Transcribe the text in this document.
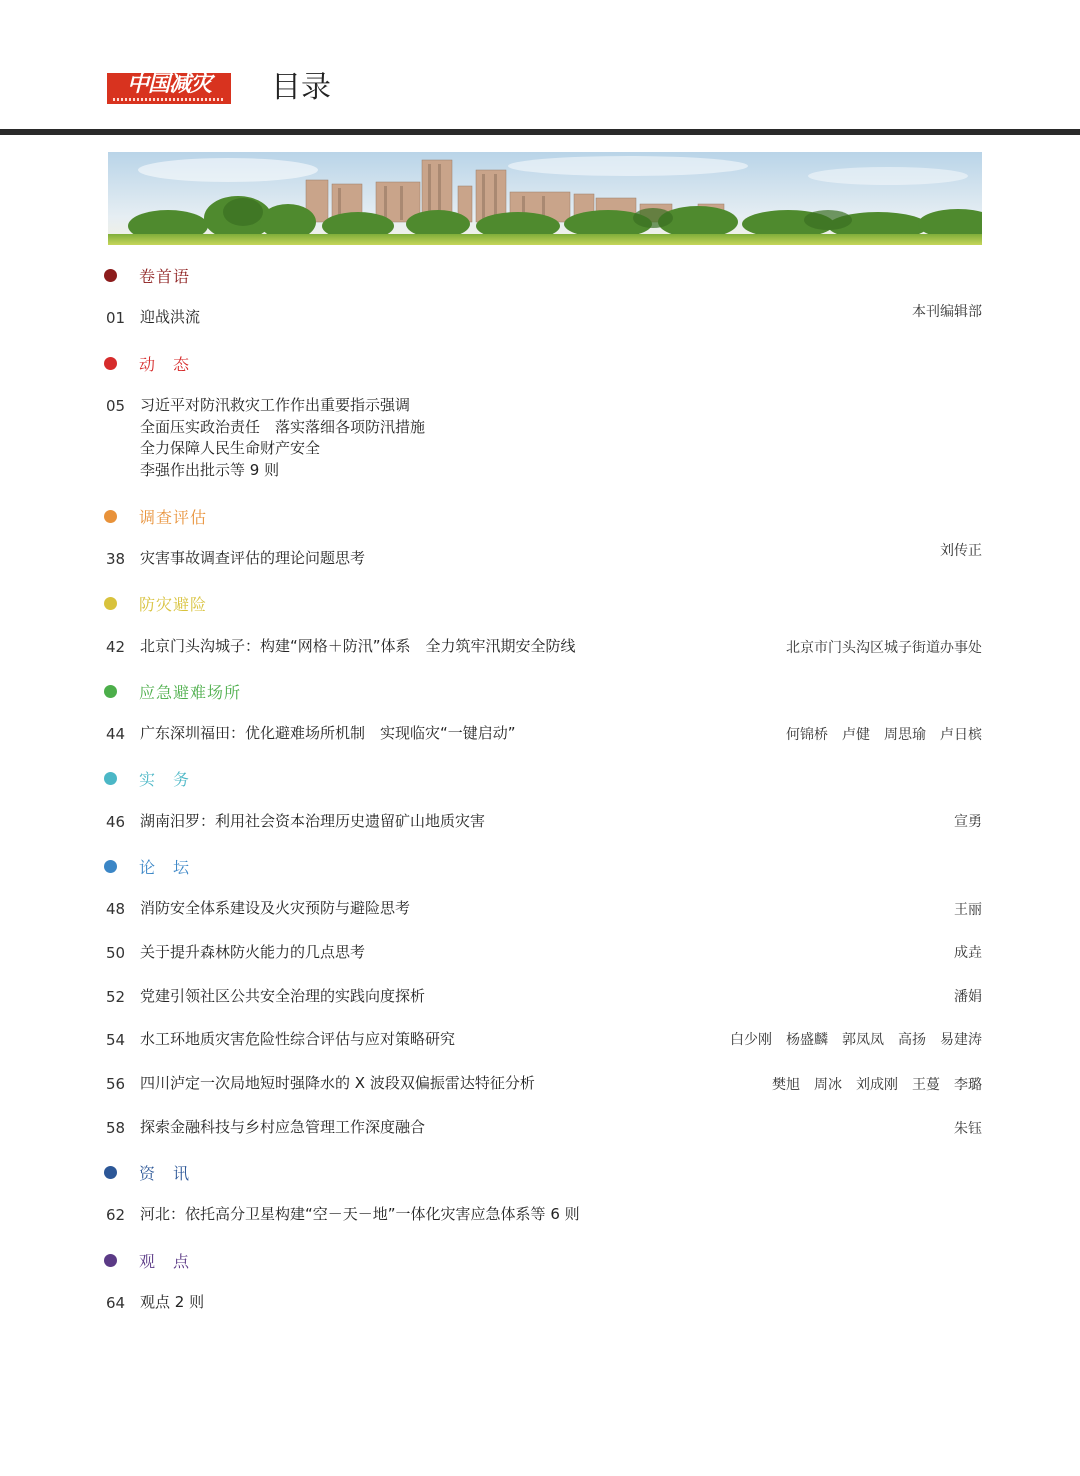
中国减灾	目录
卷首语
动　态
调查评估
防灾避险
应急避难场所
实　务
论　坛
资　讯
观　点
01 迎战洪流	本刊编辑部
05 习近平对防汛救灾工作作出重要指示强调
全面压实政治责任　落实落细各项防汛措施
全力保障人民生命财产安全
李强作出批示等 9 则
38 灾害事故调查评估的理论问题思考	刘传正
42 北京门头沟城子：构建“网格＋防汛”体系　全力筑牢汛期安全防线	北京市门头沟区城子街道办事处
44 广东深圳福田：优化避难场所机制　实现临灾“一键启动”	何锦桥　卢健　周思瑜　卢日槟
46 湖南汨罗：利用社会资本治理历史遗留矿山地质灾害	宣勇
48 消防安全体系建设及火灾预防与避险思考	王丽
50 关于提升森林防火能力的几点思考	成垚
52 党建引领社区公共安全治理的实践向度探析	潘娟
54 水工环地质灾害危险性综合评估与应对策略研究	白少刚　杨盛麟　郭凤凤　高扬　易建涛
56 四川泸定一次局地短时强降水的 X 波段双偏振雷达特征分析	樊旭　周冰　刘成刚　王蔓　李璐
58 探索金融科技与乡村应急管理工作深度融合	朱钰
62 河北：依托高分卫星构建“空－天－地”一体化灾害应急体系等 6 则
64 观点 2 则
